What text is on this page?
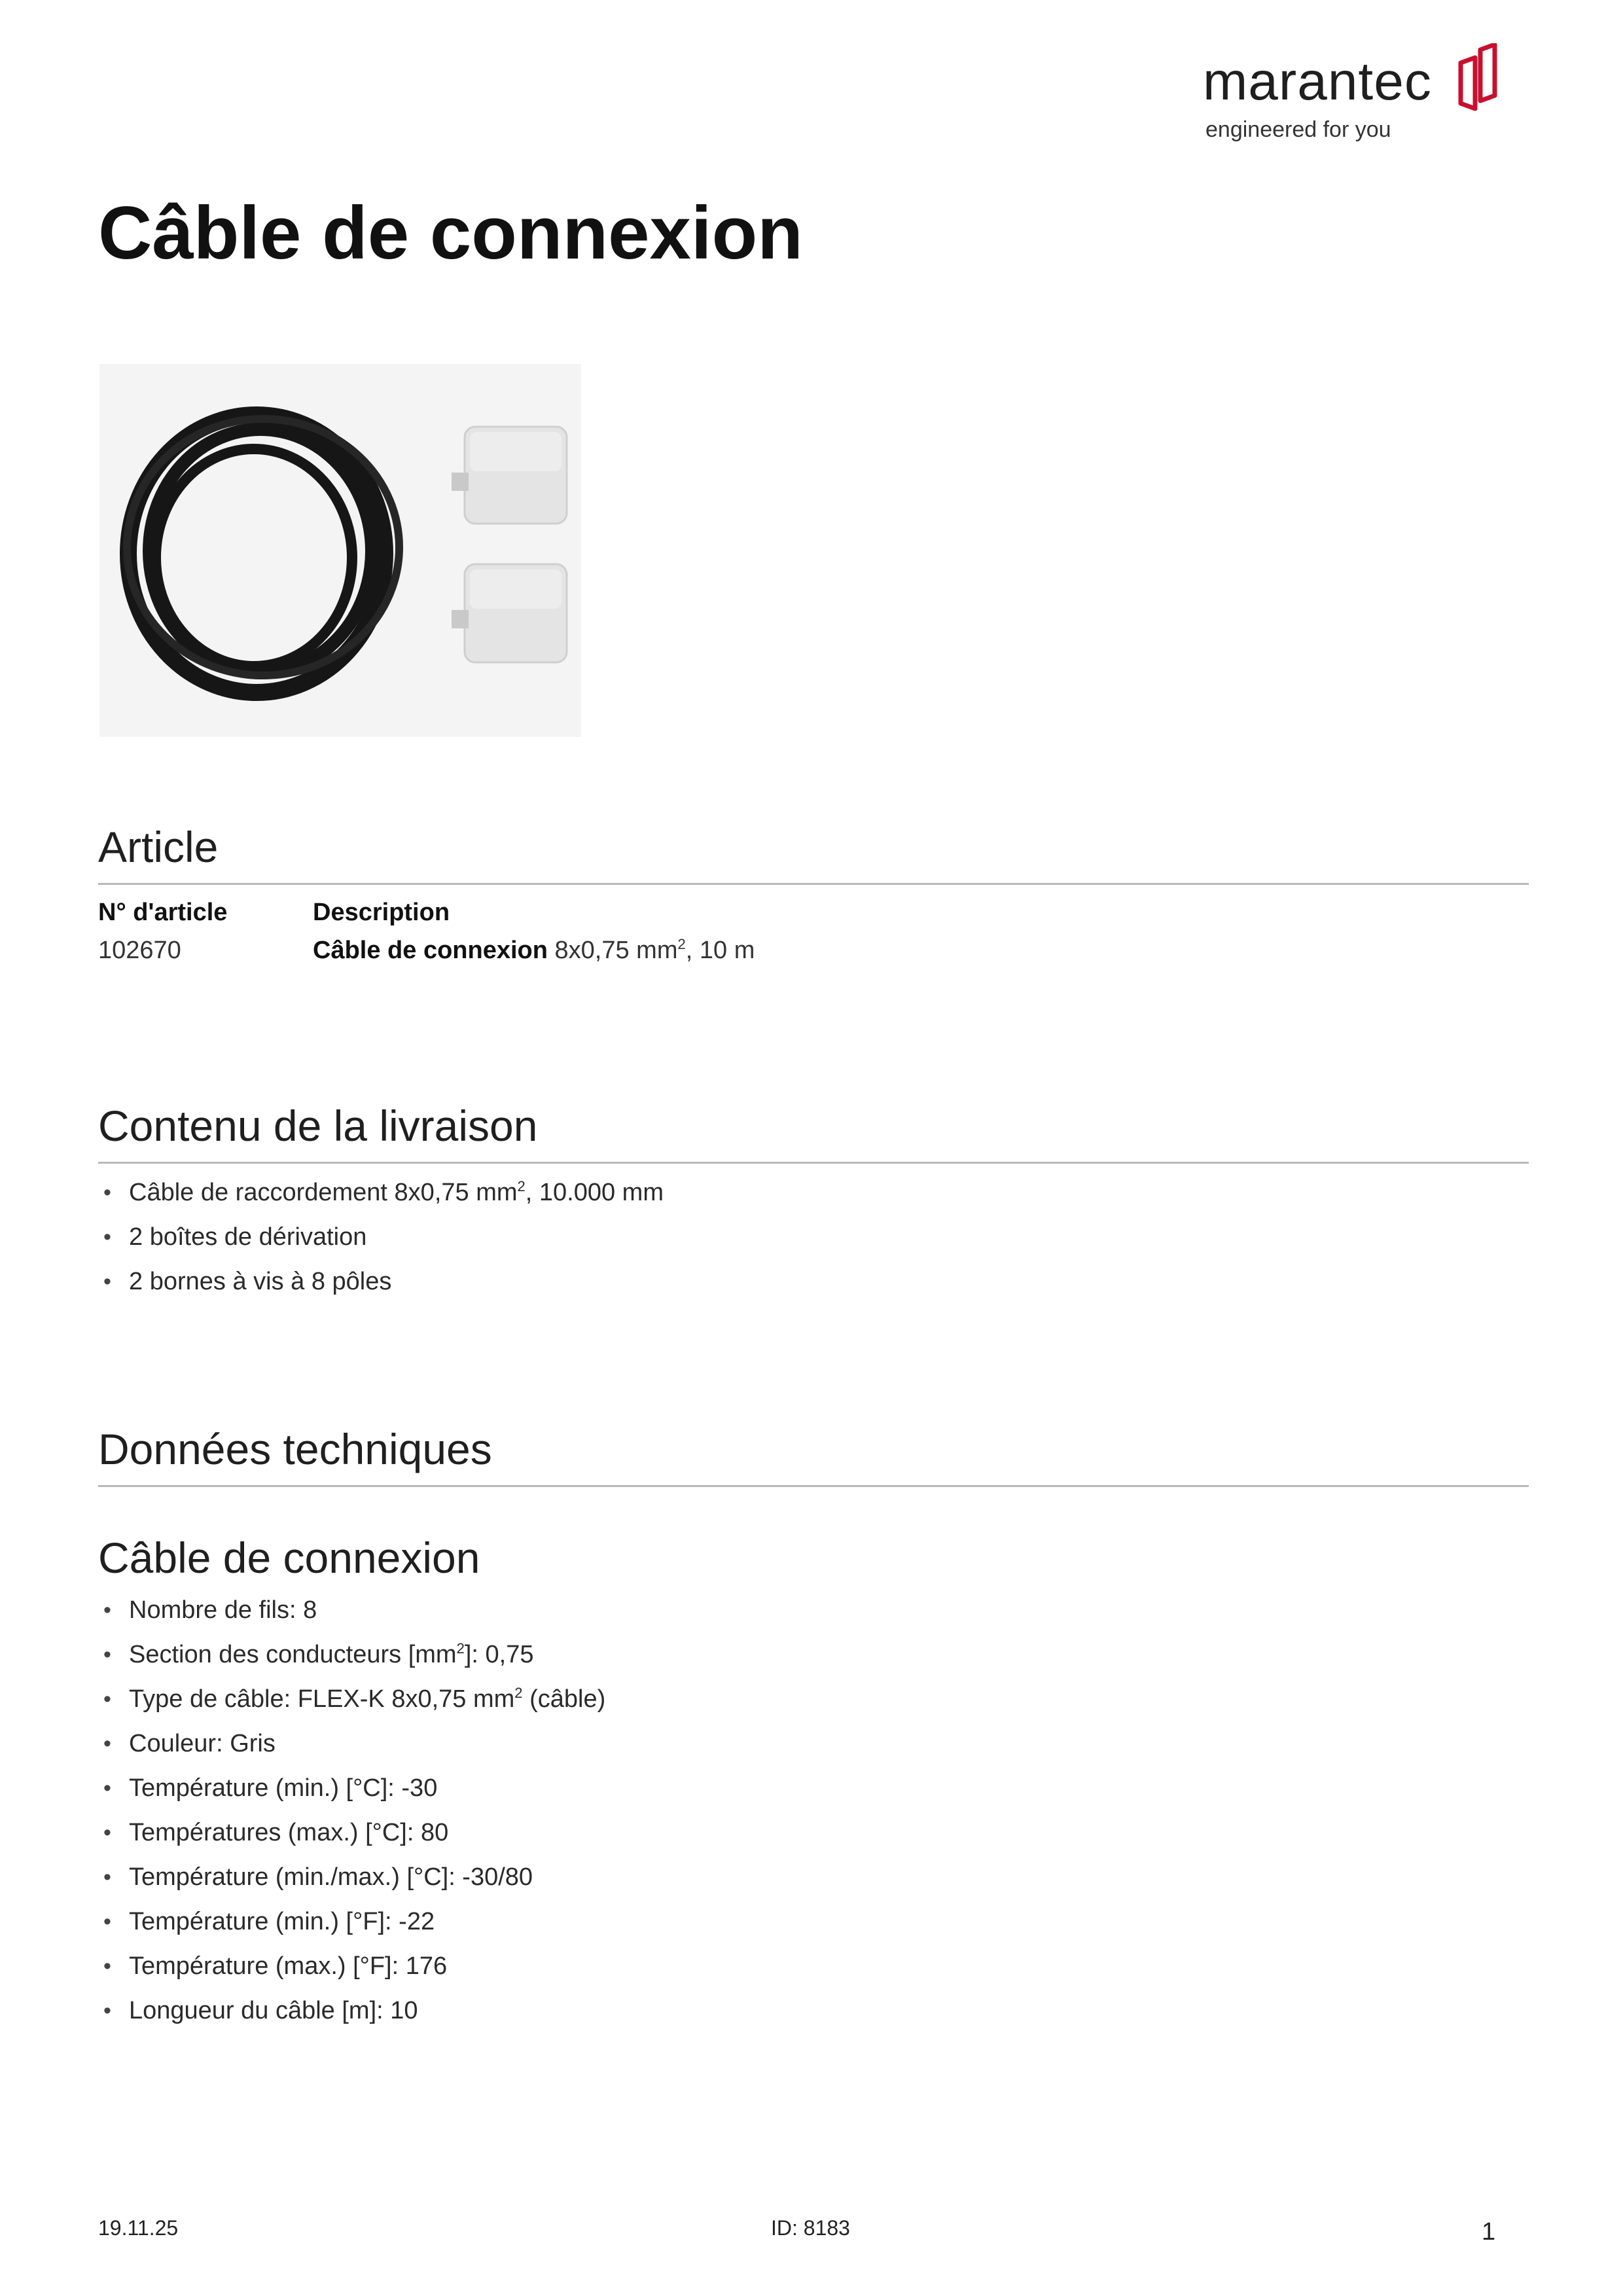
marantec
engineered for you
Câble de connexion
Article
N° d'article	Description
102670	Câble de connexion 8x0,75 $mm^2$, 10 m
Contenu de la livraison
• Câble de raccordement 8x0,75 $mm^2$, 10.000 mm
• 2 boîtes de dérivation
• 2 bornes à vis à 8 pôles
Données techniques
Câble de connexion
• Nombre de fils: 8
• Section des conducteurs $[mm^2]$: 0,75
• Type de câble: FLEX-K 8x0,75 $mm^2$ (câble)
• Couleur: Gris
• Température (min.) [°C]: -30
• Températures (max.) [°C]: 80
• Température (min./max.) [°C]: -30/80
• Température (min.) [°F]: -22
• Température (max.) [°F]: 176
• Longueur du câble [m]: 10
19.11.25	ID: 8183	1
